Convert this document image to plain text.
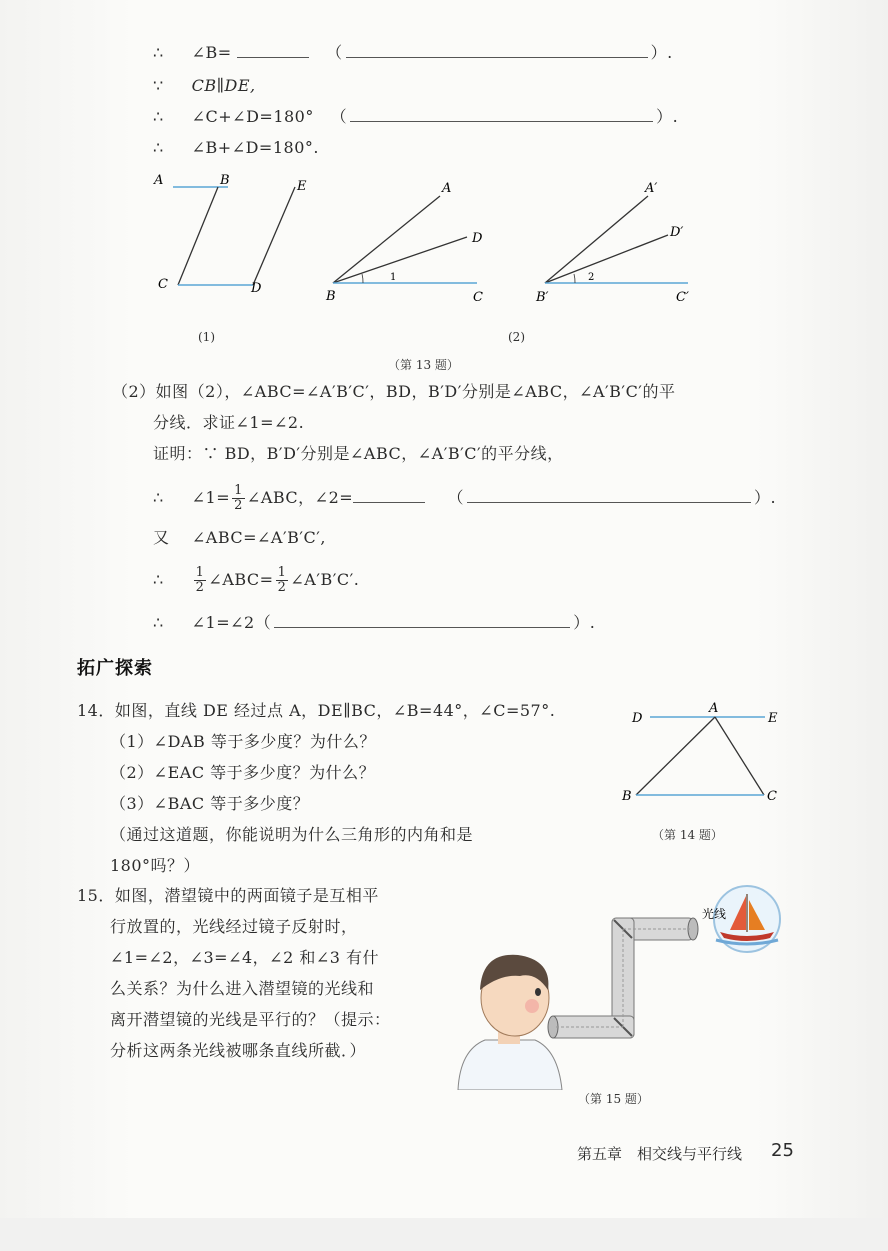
∴ ∠B=	（	）.
∵ CB∥DE,
∴ ∠C+∠D=180° （	）.
∴ ∠B+∠D=180°.
A	B
C	D
E	A
D
B	C
1
A′
D′
B′	C′
2
(1)	(2)
（第 13 题）
（2）如图（2），∠ABC=∠A′B′C′，BD，B′D′分别是∠ABC，∠A′B′C′的平
分线．求证∠1=∠2.
证明：∵ BD，B′D′分别是∠ABC，∠A′B′C′的平分线，
∴ ∠1= $\frac{1}{2}$ ∠ABC，∠2=	（	）.
又 ∠ABC=∠A′B′C′,
∴ $\frac{1}{2}$ ∠ABC= $\frac{1}{2}$ ∠A′B′C′.
∴ ∠1=∠2（	）.
拓广探索
14．如图，直线 DE 经过点 A，DE∥BC，∠B=44°，∠C=57°.
（1）∠DAB 等于多少度？为什么？
（2）∠EAC 等于多少度？为什么？
（3）∠BAC 等于多少度？
（通过这道题，你能说明为什么三角形的内角和是
180°吗？）
D
A
E
B	C
（第 14 题）
15．如图，潜望镜中的两面镜子是互相平
行放置的，光线经过镜子反射时，
∠1=∠2，∠3=∠4，∠2 和∠3 有什
么关系？为什么进入潜望镜的光线和
离开潜望镜的光线是平行的？（提示：
分析这两条光线被哪条直线所截．）
光线
（第 15 题）
第五章　相交线与平行线 25
